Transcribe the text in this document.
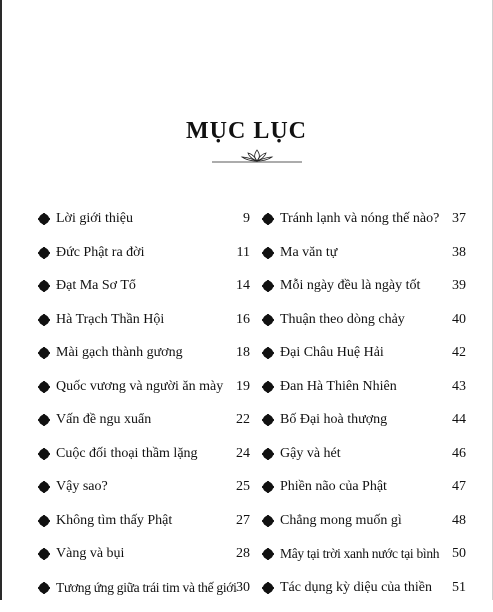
MỤC LỤC
Lời giới thiệu	9
Đức Phật ra đời	11
Đạt Ma Sơ Tổ	14
Hà Trạch Thần Hội	16
Mài gạch thành gương	18
Quốc vương và người ăn mày 19
Vấn đề ngu xuẩn	22
Cuộc đối thoại thầm lặng	24
Vậy sao?	25
Không tìm thấy Phật	27
Vàng và bụi	28
Tương ứng giữa trái tim và thế giới 30
Tránh lạnh và nóng thế nào? 37
Ma văn tự	38
Mỗi ngày đều là ngày tốt 39
Thuận theo dòng chảy	40
Đại Châu Huệ Hải	42
Đan Hà Thiên Nhiên	43
Bố Đại hoà thượng	44
Gậy và hét	46
Phiền não của Phật	47
Chẳng mong muốn gì	48
Mây tại trời xanh nước tại bình 50
Tác dụng kỳ diệu của thiền 51
